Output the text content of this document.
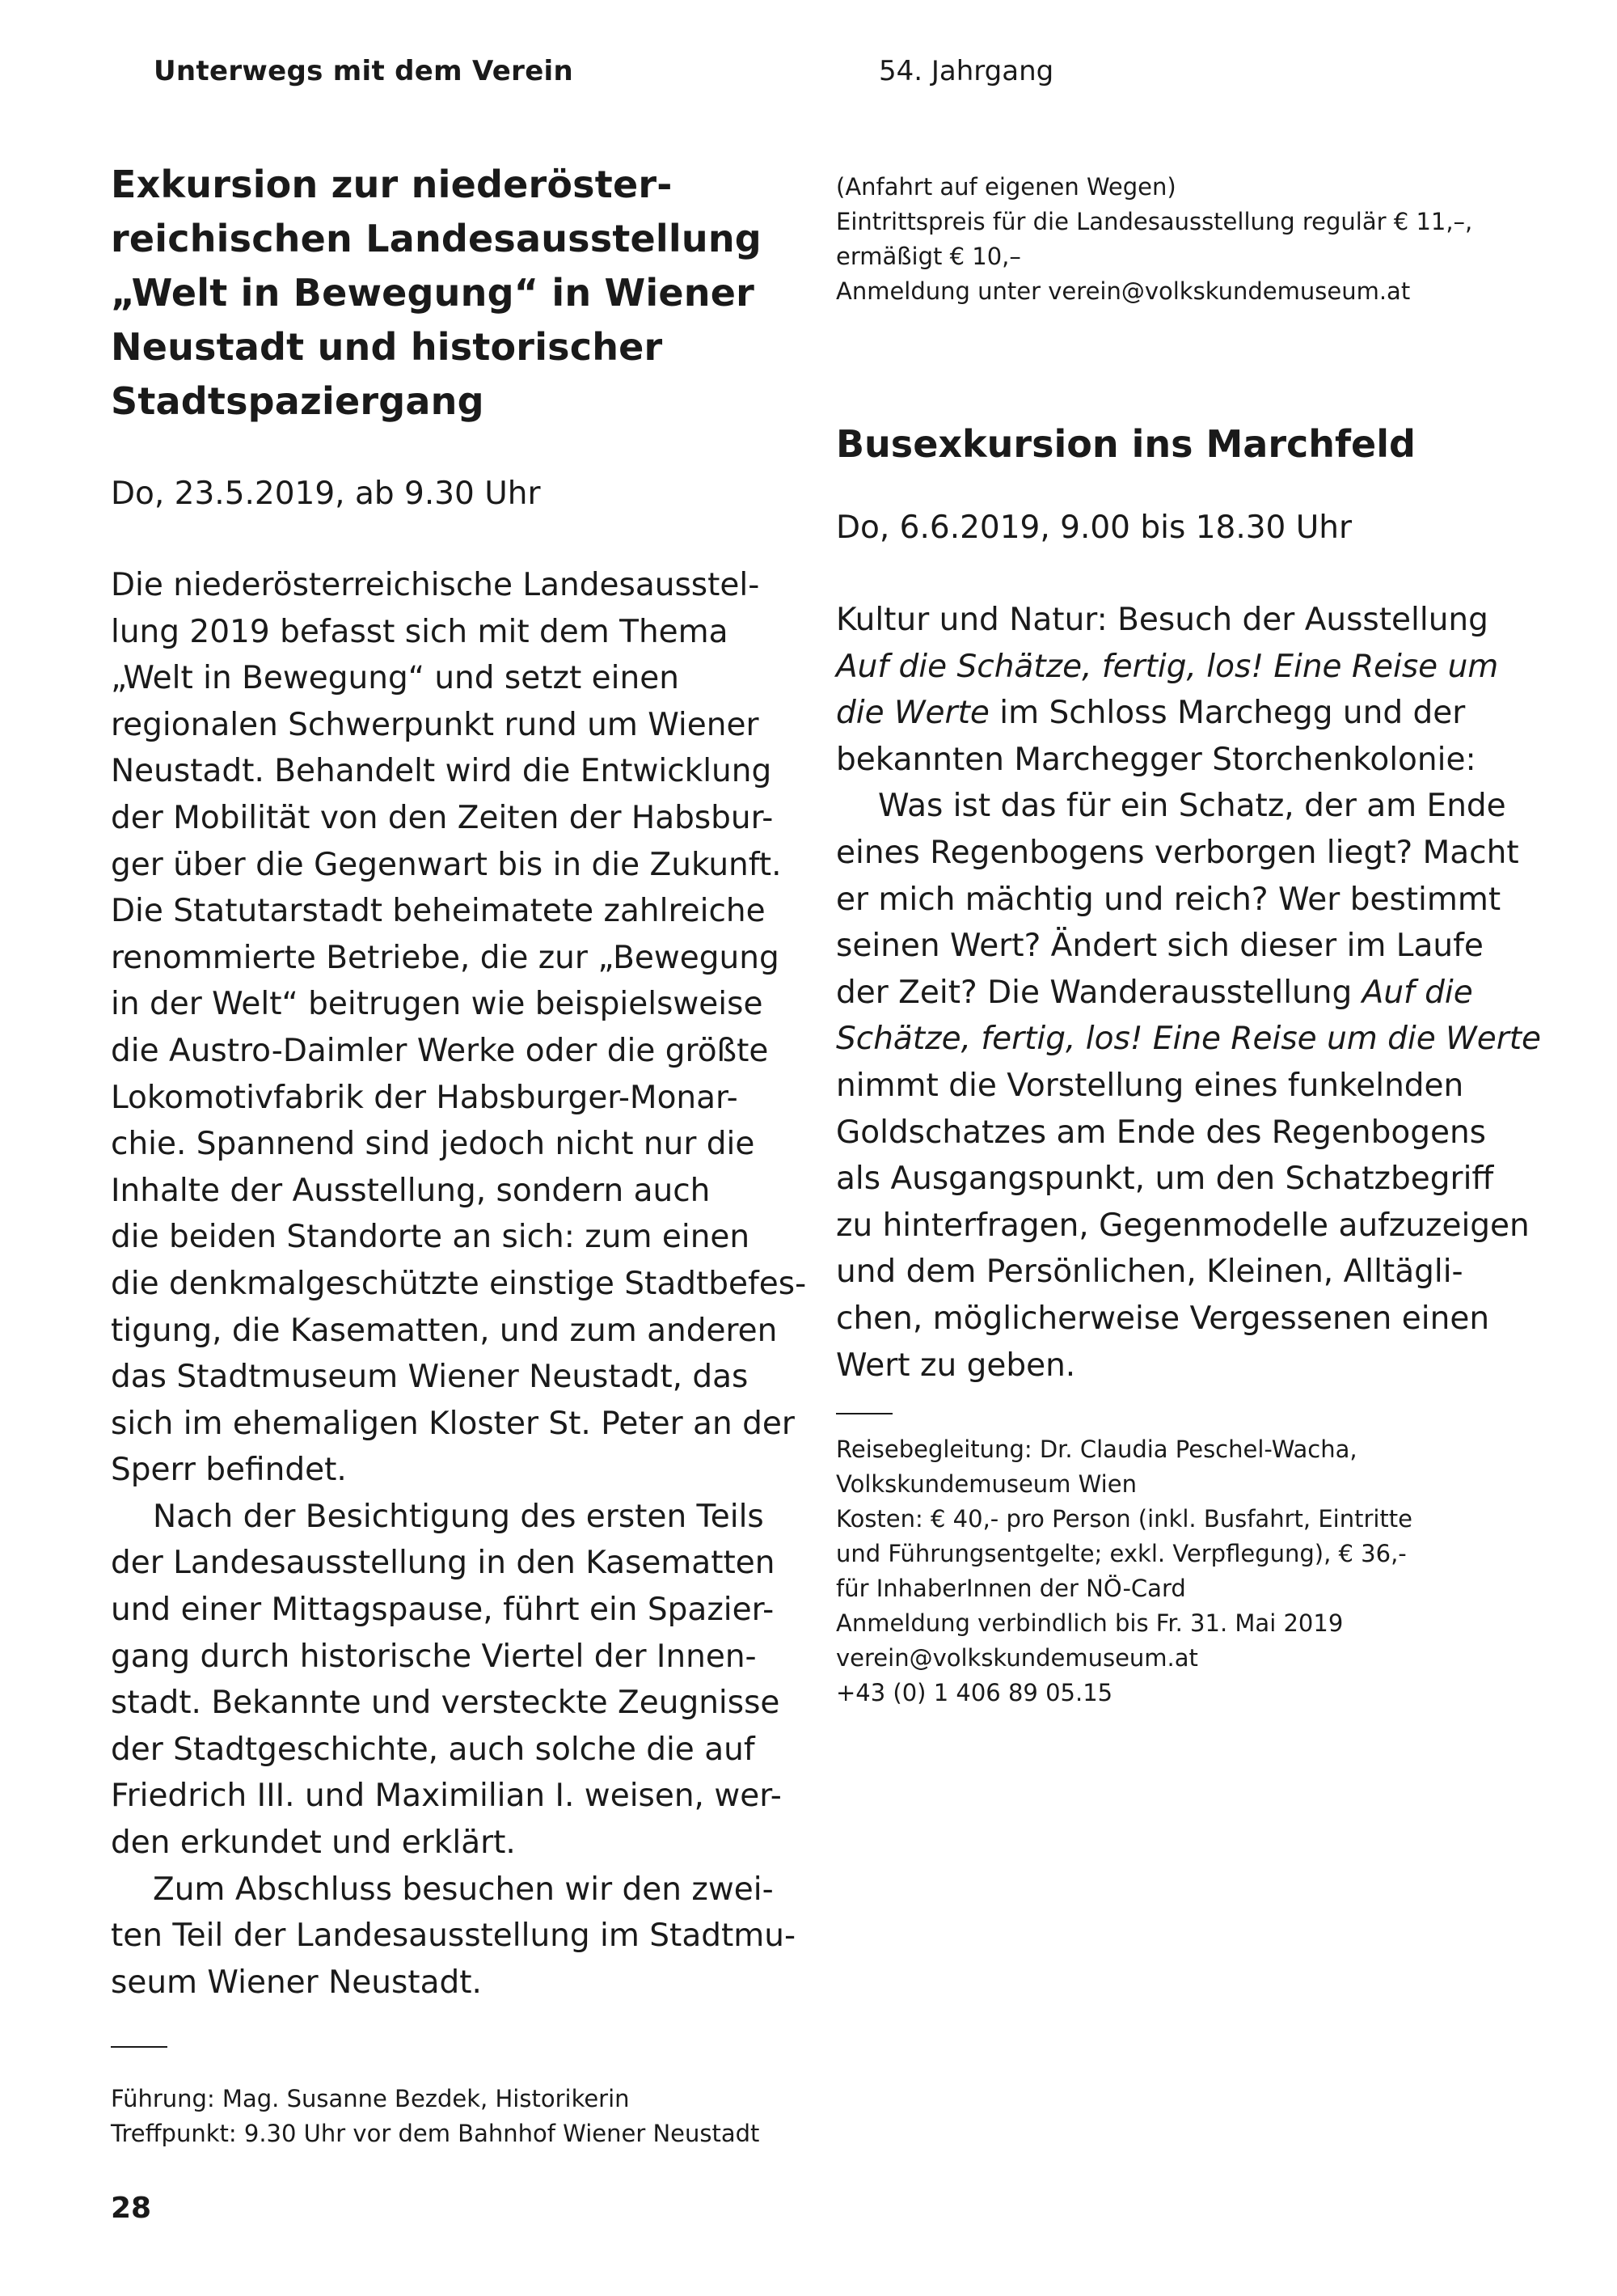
Unterwegs mit dem Verein	54. Jahrgang
Exkursion zur niederöster-
reichischen Landesausstellung
„Welt in Bewegung“ in Wiener
Neustadt und historischer
Stadtspaziergang

Do, 23.5.2019, ab 9.30 Uhr

Die niederösterreichische Landesausstel-
lung 2019 befasst sich mit dem Thema
„Welt in Bewegung“ und setzt einen
regionalen Schwerpunkt rund um Wiener
Neustadt. Behandelt wird die Entwicklung
der Mobilität von den Zeiten der Habsbur-
ger über die Gegenwart bis in die Zukunft.
Die Statutarstadt beheimatete zahlreiche
renommierte Betriebe, die zur „Bewegung
in der Welt“ beitrugen wie beispielsweise
die Austro-Daimler Werke oder die größte
Lokomotivfabrik der Habsburger-Monar-
chie. Spannend sind jedoch nicht nur die
Inhalte der Ausstellung, sondern auch
die beiden Standorte an sich: zum einen
die denkmalgeschützte einstige Stadtbefes-
tigung, die Kasematten, und zum anderen
das Stadtmuseum Wiener Neustadt, das
sich im ehemaligen Kloster St. Peter an der
Sperr befindet.
Nach der Besichtigung des ersten Teils
der Landesausstellung in den Kasematten
und einer Mittagspause, führt ein Spazier-
gang durch historische Viertel der Innen-
stadt. Bekannte und versteckte Zeugnisse
der Stadtgeschichte, auch solche die auf
Friedrich III. und Maximilian I. weisen, wer-
den erkundet und erklärt.
Zum Abschluss besuchen wir den zwei-
ten Teil der Landesausstellung im Stadtmu-
seum Wiener Neustadt.
Führung: Mag. Susanne Bezdek, Historikerin
Treffpunkt: 9.30 Uhr vor dem Bahnhof Wiener Neustadt
(Anfahrt auf eigenen Wegen)
Eintrittspreis für die Landesausstellung regulär € 11,–,
ermäßigt € 10,–
Anmeldung unter verein@volkskundemuseum.at
Busexkursion ins Marchfeld

Do, 6.6.2019, 9.00 bis 18.30 Uhr

Kultur und Natur: Besuch der Ausstellung
Auf die Schätze, fertig, los! Eine Reise um
die Werte im Schloss Marchegg und der
bekannten Marchegger Storchenkolonie:
Was ist das für ein Schatz, der am Ende
eines Regenbogens verborgen liegt? Macht
er mich mächtig und reich? Wer bestimmt
seinen Wert? Ändert sich dieser im Laufe
der Zeit? Die Wanderausstellung Auf die
Schätze, fertig, los! Eine Reise um die Werte
nimmt die Vorstellung eines funkelnden
Goldschatzes am Ende des Regenbogens
als Ausgangspunkt, um den Schatzbegriff
zu hinterfragen, Gegenmodelle aufzuzeigen
und dem Persönlichen, Kleinen, Alltägli-
chen, möglicherweise Vergessenen einen
Wert zu geben.
Reisebegleitung: Dr. Claudia Peschel-Wacha,
Volkskundemuseum Wien
Kosten: € 40,- pro Person (inkl. Busfahrt, Eintritte
und Führungsentgelte; exkl. Verpflegung), € 36,-
für InhaberInnen der NÖ-Card
Anmeldung verbindlich bis Fr. 31. Mai 2019
verein@volkskundemuseum.at
+43 (0) 1 406 89 05.15
28
